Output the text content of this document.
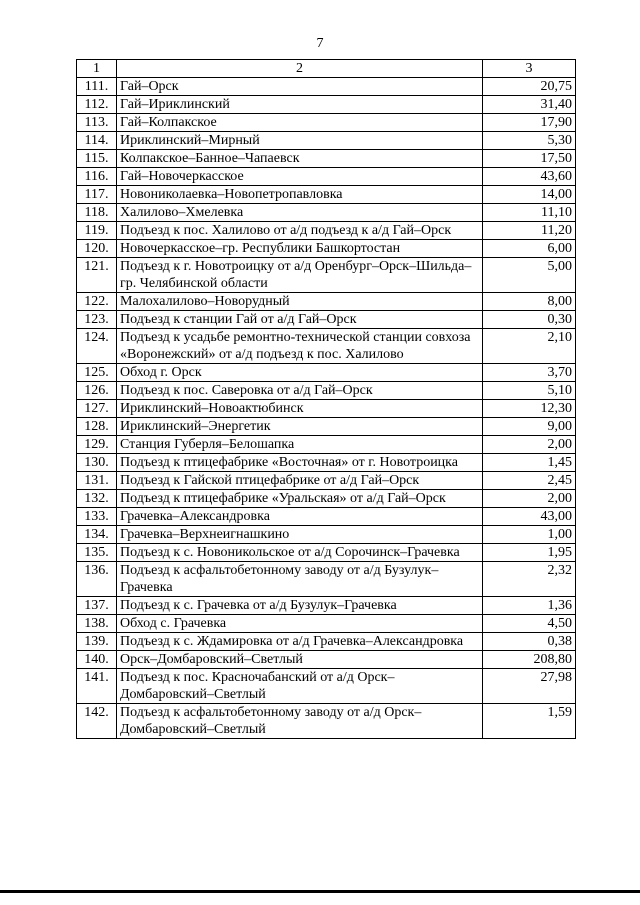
7
1	2	3
111.	Гай–Орск	20,75
112.	Гай–Ириклинский	31,40
113.	Гай–Колпакское	17,90
114.	Ириклинский–Мирный	5,30
115.	Колпакское–Банное–Чапаевск	17,50
116.	Гай–Новочеркасское	43,60
117.	Новониколаевка–Новопетропавловка	14,00
118.	Халилово–Хмелевка	11,10
119.	Подъезд к пос. Халилово от а/д подъезд к а/д Гай–Орск	11,20
120.	Новочеркасское–гр. Республики Башкортостан	6,00
121.	Подъезд к г. Новотроицку от а/д Оренбург–Орск–Шильда–гр. Челябинской области	5,00
122.	Малохалилово–Новорудный	8,00
123.	Подъезд к станции Гай от а/д Гай–Орск	0,30
124.	Подъезд к усадьбе ремонтно-технической станции совхоза «Воронежский» от а/д подъезд к пос. Халилово	2,10
125.	Обход г. Орск	3,70
126.	Подъезд к пос. Саверовка от а/д Гай–Орск	5,10
127.	Ириклинский–Новоактюбинск	12,30
128.	Ириклинский–Энергетик	9,00
129.	Станция Губерля–Белошапка	2,00
130.	Подъезд к птицефабрике «Восточная» от г. Новотроицка	1,45
131.	Подъезд к Гайской птицефабрике от а/д Гай–Орск	2,45
132.	Подъезд к птицефабрике «Уральская» от а/д Гай–Орск	2,00
133.	Грачевка–Александровка	43,00
134.	Грачевка–Верхнеигнашкино	1,00
135.	Подъезд к с. Новоникольское от а/д Сорочинск–Грачевка	1,95
136.	Подъезд к асфальтобетонному заводу от а/д Бузулук–Грачевка	2,32
137.	Подъезд к с. Грачевка от а/д Бузулук–Грачевка	1,36
138.	Обход с. Грачевка	4,50
139.	Подъезд к с. Ждамировка от а/д Грачевка–Александровка	0,38
140.	Орск–Домбаровский–Светлый	208,80
141.	Подъезд к пос. Красночабанский от а/д Орск–Домбаровский–Светлый	27,98
142.	Подъезд к асфальтобетонному заводу от а/д Орск–Домбаровский–Светлый	1,59
